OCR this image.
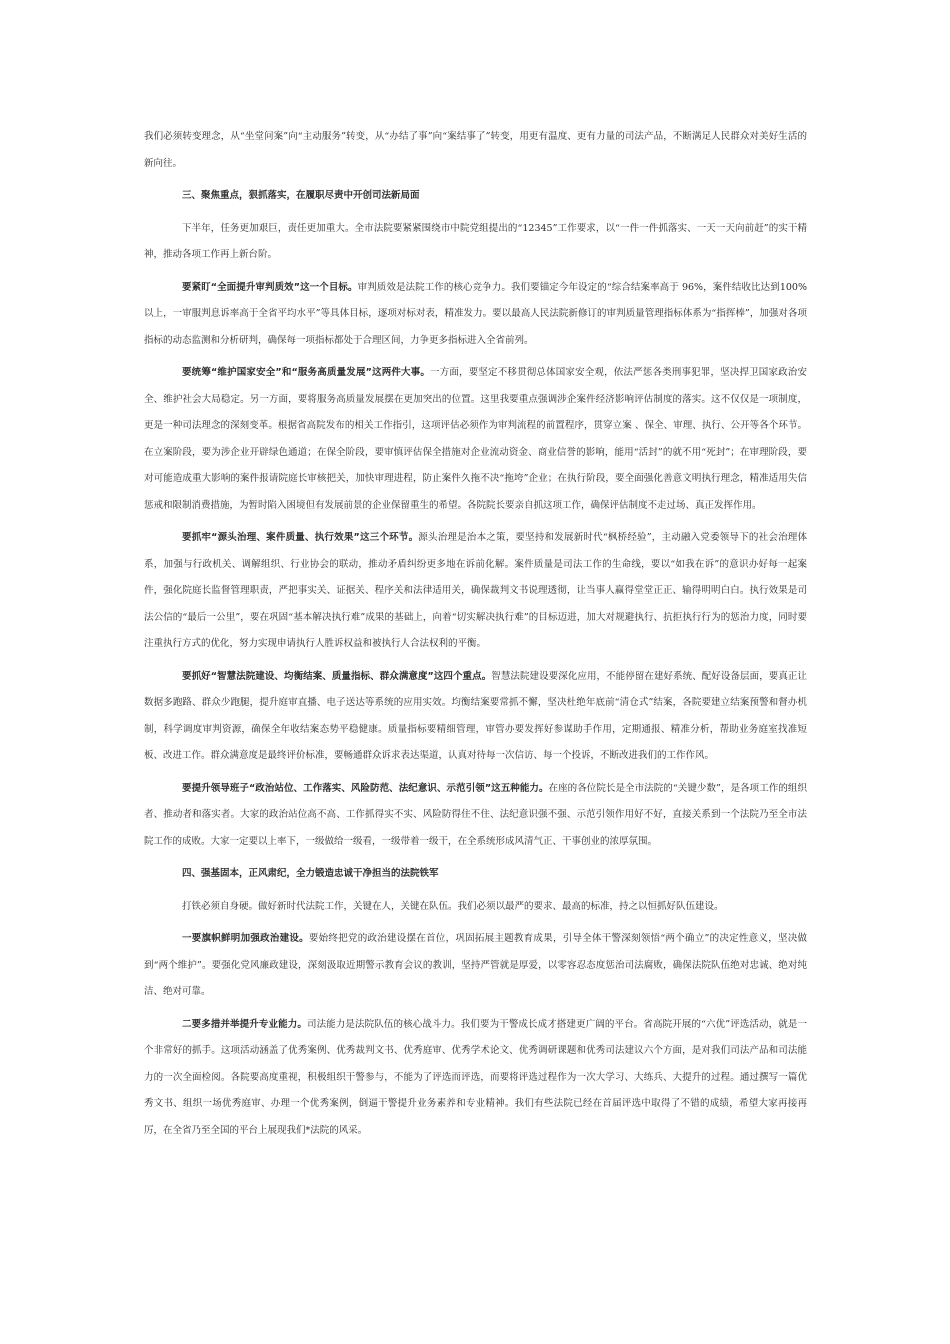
我们必须转变理念，从“坐堂问案”向“主动服务”转变，从“办结了事”向“案结事了”转变，用更有温度、更有力量的司法产品，不断满足人民群众对美好生活的新向往。

三、聚焦重点，狠抓落实，在履职尽责中开创司法新局面

下半年，任务更加艰巨，责任更加重大。全市法院要紧紧围绕市中院党组提出的“12345”工作要求，以“一件一件抓落实、一天一天向前赶”的实干精神，推动各项工作再上新台阶。

要紧盯“全面提升审判质效”这一个目标。审判质效是法院工作的核心竞争力。我们要锚定今年设定的“综合结案率高于 96%，案件结收比达到100%以上，一审服判息诉率高于全省平均水平”等具体目标，逐项对标对表，精准发力。要以最高人民法院新修订的审判质量管理指标体系为“指挥棒”，加强对各项指标的动态监测和分析研判，确保每一项指标都处于合理区间，力争更多指标进入全省前列。

要统筹“维护国家安全”和“服务高质量发展”这两件大事。一方面，要坚定不移贯彻总体国家安全观，依法严惩各类刑事犯罪，坚决捍卫国家政治安全、维护社会大局稳定。另一方面，要将服务高质量发展摆在更加突出的位置。这里我要重点强调涉企案件经济影响评估制度的落实。这不仅仅是一项制度，更是一种司法理念的深刻变革。根据省高院发布的相关工作指引，这项评估必须作为审判流程的前置程序，贯穿立案 、保全、审理、执行、公开等各个环节。在立案阶段，要为涉企业开辟绿色通道；在保全阶段，要审慎评估保全措施对企业流动资金、商业信誉的影响，能用“活封”的就不用“死封”；在审理阶段，要对可能造成重大影响的案件报请院庭长审核把关，加快审理进程，防止案件久拖不决“拖垮”企业；在执行阶段，要全面强化善意文明执行理念，精准适用失信惩戒和限制消费措施，为暂时陷入困境但有发展前景的企业保留重生的希望。各院院长要亲自抓这项工作，确保评估制度不走过场、真正发挥作用。

要抓牢“源头治理、案件质量、执行效果”这三个环节。源头治理是治本之策，要坚持和发展新时代“枫桥经验”，主动融入党委领导下的社会治理体系，加强与行政机关、调解组织、行业协会的联动，推动矛盾纠纷更多地在诉前化解。案件质量是司法工作的生命线，要以“如我在诉”的意识办好每一起案件，强化院庭长监督管理职责，严把事实关、证据关、程序关和法律适用关，确保裁判文书说理透彻，让当事人赢得堂堂正正、输得明明白白。执行效果是司法公信的“最后一公里”，要在巩固“基本解决执行难”成果的基础上，向着“切实解决执行难”的目标迈进，加大对规避执行、抗拒执行行为的惩治力度，同时要注重执行方式的优化，努力实现申请执行人胜诉权益和被执行人合法权利的平衡。

要抓好“智慧法院建设、均衡结案、质量指标、群众满意度”这四个重点。智慧法院建设要深化应用，不能停留在建好系统、配好设备层面，要真正让数据多跑路、群众少跑腿，提升庭审直播、电子送达等系统的应用实效。均衡结案要常抓不懈，坚决杜绝年底前“清仓式”结案，各院要建立结案预警和督办机制，科学调度审判资源，确保全年收结案态势平稳健康。质量指标要精细管理，审管办要发挥好参谋助手作用，定期通报、精准分析，帮助业务庭室找准短板、改进工作。群众满意度是最终评价标准，要畅通群众诉求表达渠道，认真对待每一次信访、每一个投诉，不断改进我们的工作作风。

要提升领导班子“政治站位、工作落实、风险防范、法纪意识、示范引领”这五种能力。在座的各位院长是全市法院的“关键少数”，是各项工作的组织者、推动者和落实者。大家的政治站位高不高、工作抓得实不实、风险防得住不住、法纪意识强不强、示范引领作用好不好，直接关系到一个法院乃至全市法院工作的成败。大家一定要以上率下，一级做给一级看，一级带着一级干，在全系统形成风清气正、干事创业的浓厚氛围。

四、强基固本，正风肃纪，全力锻造忠诚干净担当的法院铁军

打铁必须自身硬。做好新时代法院工作，关键在人，关键在队伍。我们必须以最严的要求、最高的标准，持之以恒抓好队伍建设。

一要旗帜鲜明加强政治建设。要始终把党的政治建设摆在首位，巩固拓展主题教育成果，引导全体干警深刻领悟“两个确立”的决定性意义，坚决做到“两个维护”。要强化党风廉政建设，深刻汲取近期警示教育会议的教训，坚持严管就是厚爱，以零容忍态度惩治司法腐败，确保法院队伍绝对忠诚、绝对纯洁、绝对可靠。

二要多措并举提升专业能力。司法能力是法院队伍的核心战斗力。我们要为干警成长成才搭建更广阔的平台。省高院开展的“六优”评选活动，就是一个非常好的抓手。这项活动涵盖了优秀案例、优秀裁判文书、优秀庭审、优秀学术论文、优秀调研课题和优秀司法建议六个方面，是对我们司法产品和司法能力的一次全面检阅。各院要高度重视，积极组织干警参与，不能为了评选而评选，而要将评选过程作为一次大学习、大练兵、大提升的过程。通过撰写一篇优秀文书、组织一场优秀庭审、办理一个优秀案例，倒逼干警提升业务素养和专业精神。我们有些法院已经在首届评选中取得了不错的成绩，希望大家再接再厉，在全省乃至全国的平台上展现我们*法院的风采。
